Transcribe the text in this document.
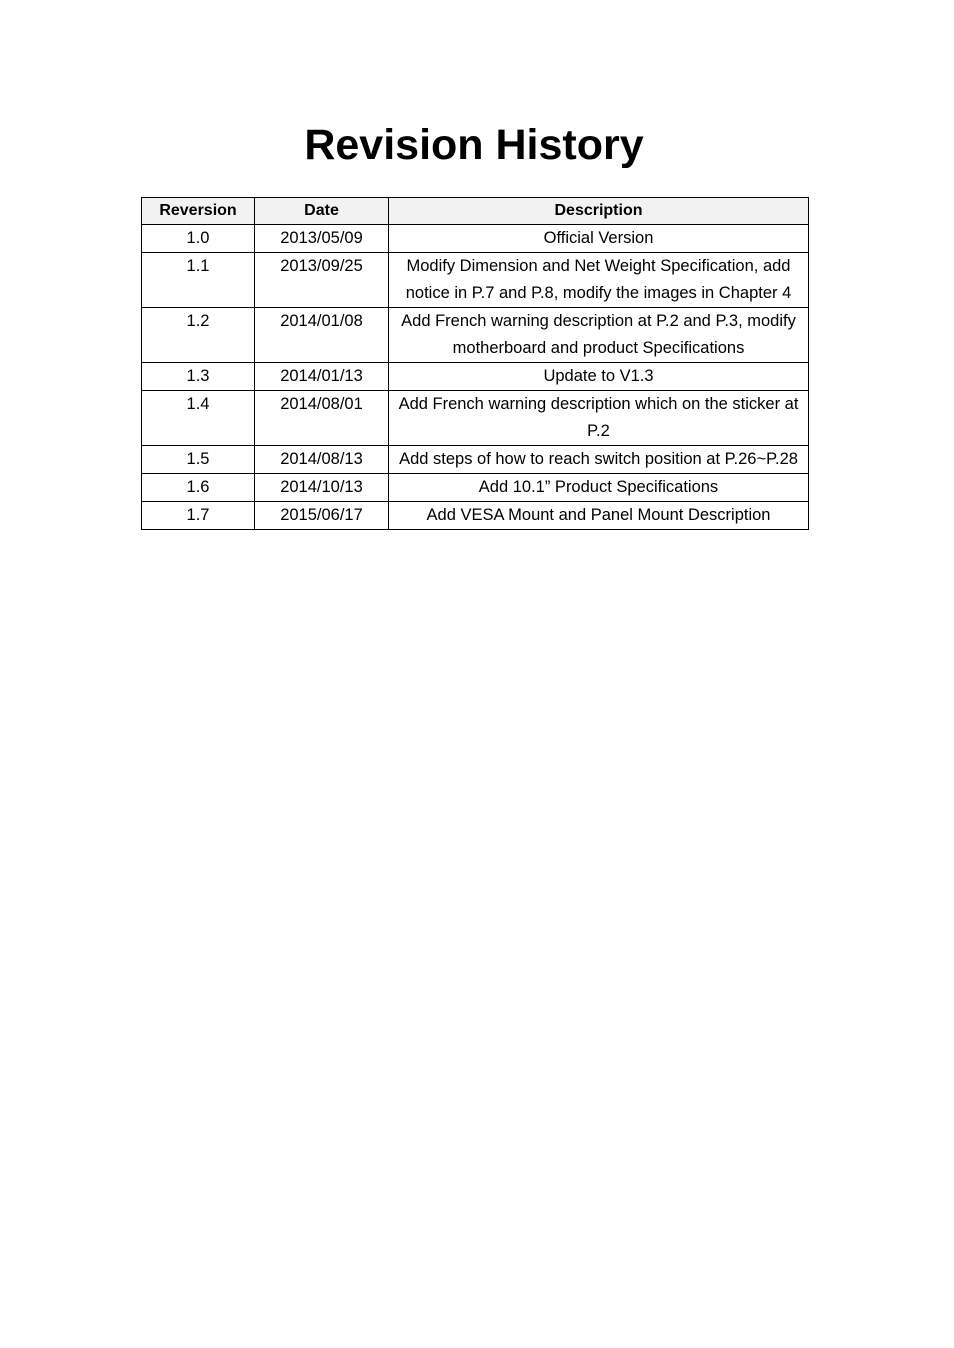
Revision History
Reversion	Date	Description
1.0	2013/05/09	Official Version
1.1	2013/09/25	Modify Dimension and Net Weight Specification, add notice in P.7 and P.8, modify the images in Chapter 4
1.2	2014/01/08	Add French warning description at P.2 and P.3, modify motherboard and product Specifications
1.3	2014/01/13	Update to V1.3
1.4	2014/08/01	Add French warning description which on the sticker at P.2
1.5	2014/08/13	Add steps of how to reach switch position at P.26~P.28
1.6	2014/10/13	Add 10.1” Product Specifications
1.7	2015/06/17	Add VESA Mount and Panel Mount Description
